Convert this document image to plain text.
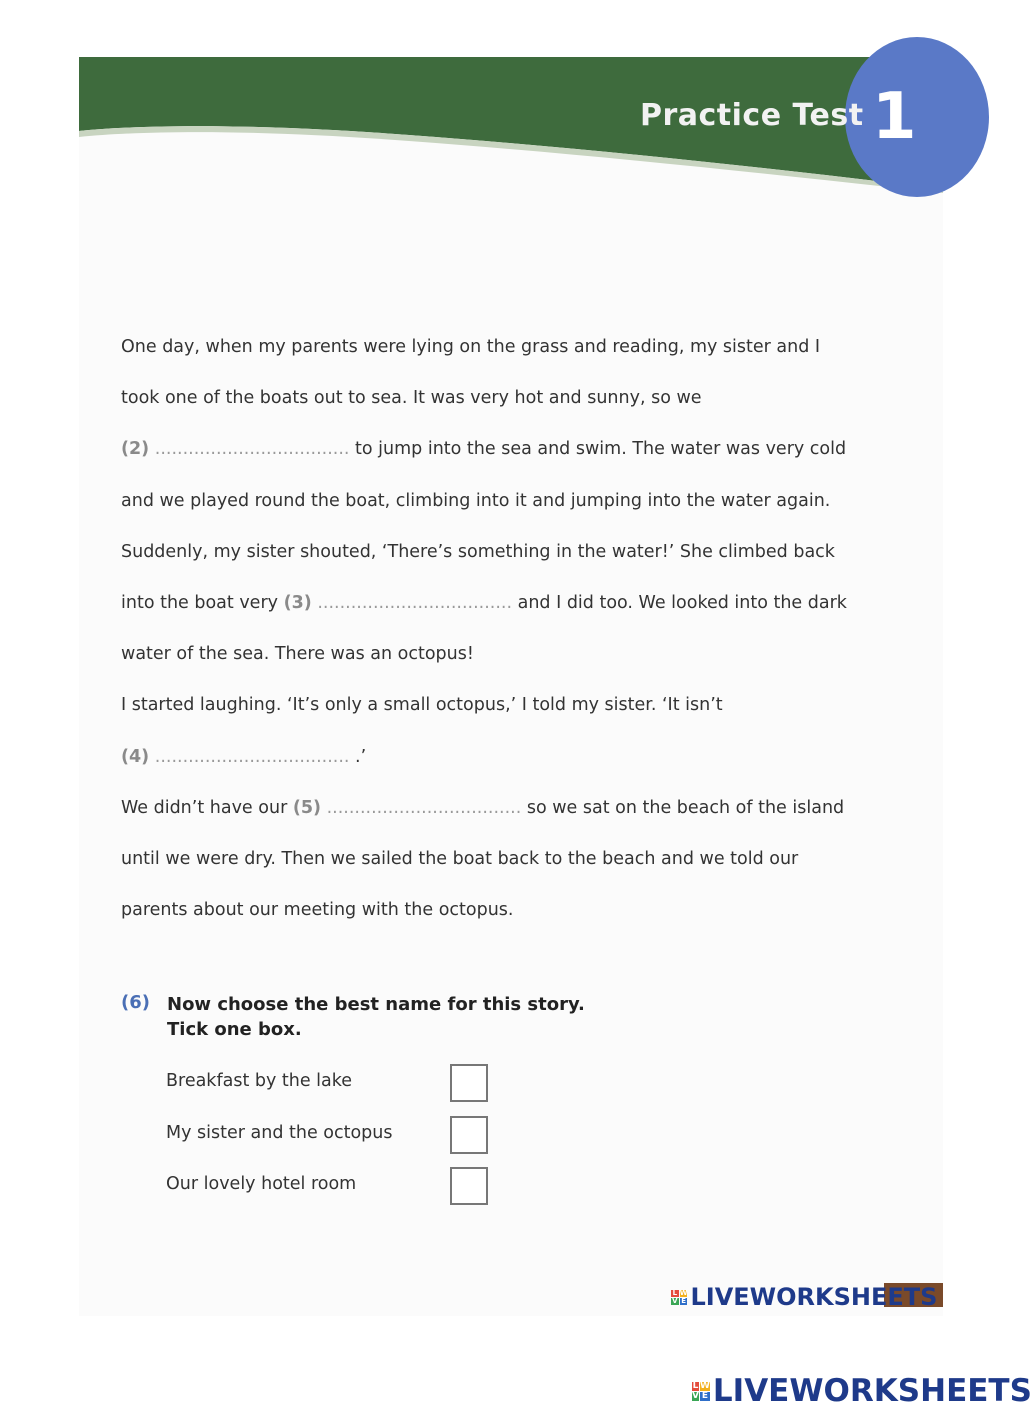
Practice Test 1
One day, when my parents were lying on the grass and reading, my sister and I
took one of the boats out to sea. It was very hot and sunny, so we
(2) ................................... to jump into the sea and swim. The water was very cold
and we played round the boat, climbing into it and jumping into the water again.
Suddenly, my sister shouted, ‘There’s something in the water!’ She climbed back
into the boat very (3) ................................... and I did too. We looked into the dark
water of the sea. There was an octopus!
I started laughing. ‘It’s only a small octopus,’ I told my sister. ‘It isn’t
(4) ................................... .’
We didn’t have our (5) ................................... so we sat on the beach of the island
until we were dry. Then we sailed the boat back to the beach and we told our
parents about our meeting with the octopus.
(6) Now choose the best name for this story.
Tick one box.
Breakfast by the lake
My sister and the octopus
Our lovely hotel room
L W
V E LIVEWORKSHEETS
L W
V E LIVEWORKSHEETS
